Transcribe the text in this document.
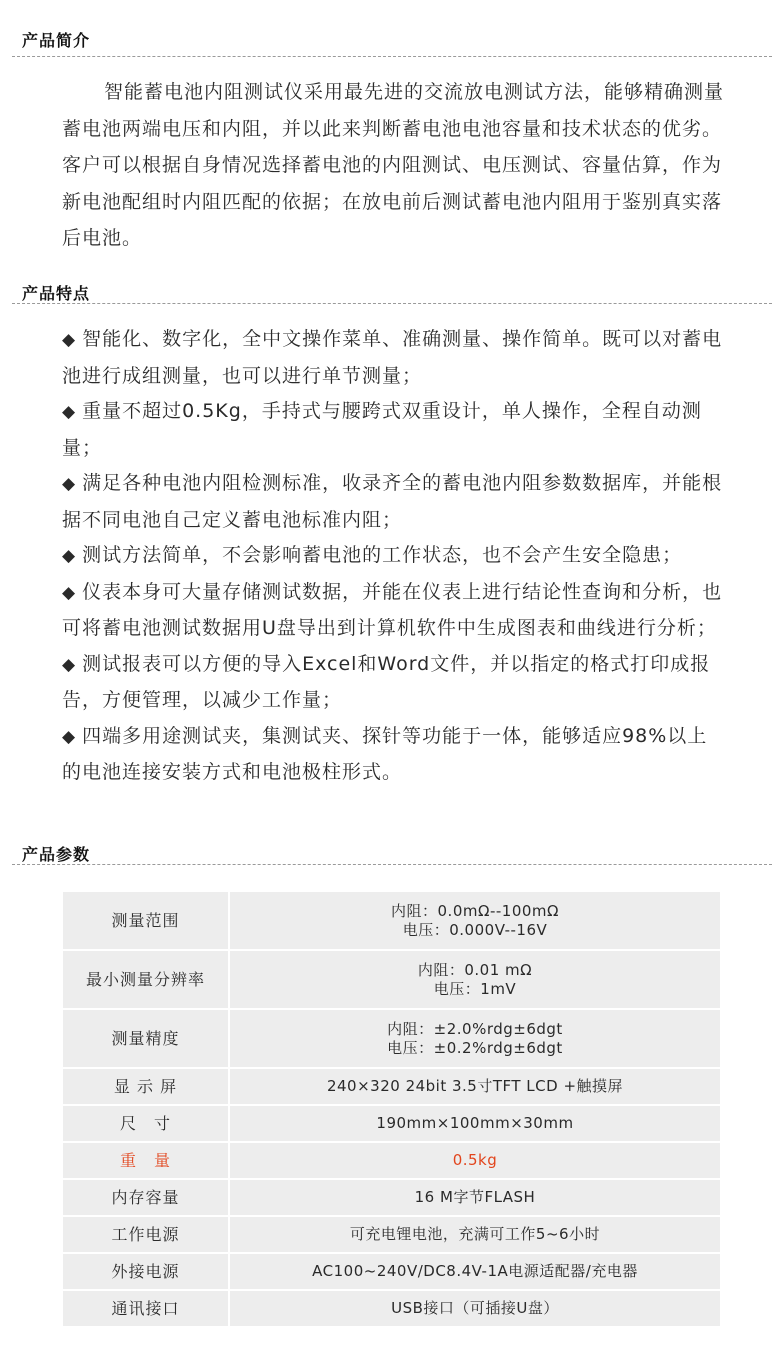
产品简介

智能蓄电池内阻测试仪采用最先进的交流放电测试方法，能够精确测量蓄电池两端电压和内阻，并以此来判断蓄电池电池容量和技术状态的优劣。客户可以根据自身情况选择蓄电池的内阻测试、电压测试、容量估算，作为新电池配组时内阻匹配的依据；在放电前后测试蓄电池内阻用于鉴别真实落后电池。

产品特点
◆ 智能化、数字化，全中文操作菜单、准确测量、操作简单。既可以对蓄电池进行成组测量，也可以进行单节测量；
◆ 重量不超过0.5Kg，手持式与腰跨式双重设计，单人操作，全程自动测量；
◆ 满足各种电池内阻检测标准，收录齐全的蓄电池内阻参数数据库，并能根据不同电池自己定义蓄电池标准内阻；
◆ 测试方法简单，不会影响蓄电池的工作状态，也不会产生安全隐患；
◆ 仪表本身可大量存储测试数据，并能在仪表上进行结论性查询和分析，也可将蓄电池测试数据用U盘导出到计算机软件中生成图表和曲线进行分析；
◆ 测试报表可以方便的导入Excel和Word文件，并以指定的格式打印成报告，方便管理，以减少工作量；
◆ 四端多用途测试夹，集测试夹、探针等功能于一体，能够适应98%以上的电池连接安装方式和电池极柱形式。
产品参数
测量范围	内阻：0.0mΩ--100mΩ
电压：0.000V--16V

最小测量分辨率	内阻：0.01 mΩ
电压：1mV

测量精度	内阻：±2.0%rdg±6dgt
电压：±0.2%rdg±6dgt

显 示 屏	240×320 24bit 3.5寸TFT LCD +触摸屏
尺　寸	190mm×100mm×30mm
重　量	0.5kg
内存容量	16 M字节FLASH
工作电源	可充电锂电池，充满可工作5~6小时
外接电源	AC100~240V/DC8.4V-1A电源适配器/充电器
通讯接口	USB接口（可插接U盘）
